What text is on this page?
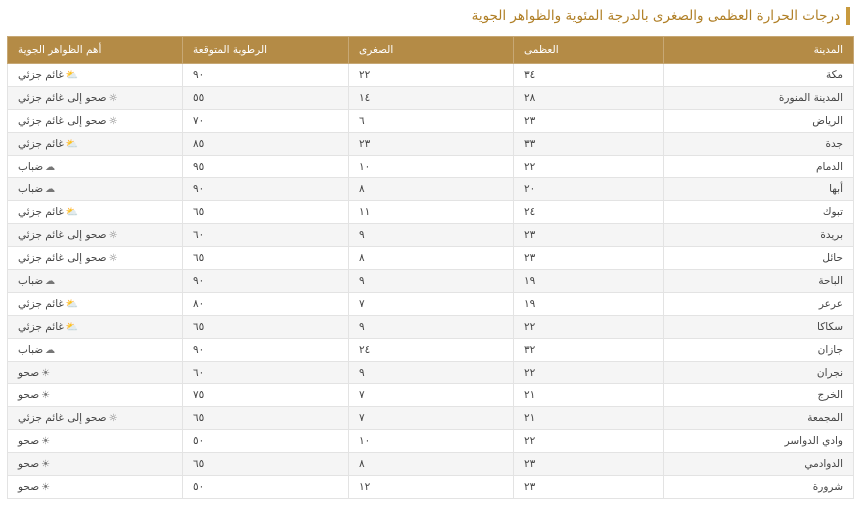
درجات الحرارة العظمى والصغرى بالدرجة المئوية والظواهر الجوية
المدينة	العظمى	الصغرى	الرطوبة المتوقعة	أهم الظواهر الجوية
مكة	٣٤	٢٢	٩٠	⛅غائم جزئي
المدينة المنورة	٢٨	١٤	٥٥	☼صحو إلى غائم جزئي
الرياض	٢٣	٦	٧٠	☼صحو إلى غائم جزئي
جدة	٣٣	٢٣	٨٥	⛅غائم جزئي
الدمام	٢٢	١٠	٩٥	☁ضباب
أبها	٢٠	٨	٩٠	☁ضباب
تبوك	٢٤	١١	٦٥	⛅غائم جزئي
بريدة	٢٣	٩	٦٠	☼صحو إلى غائم جزئي
حائل	٢٣	٨	٦٥	☼صحو إلى غائم جزئي
الباحة	١٩	٩	٩٠	☁ضباب
عرعر	١٩	٧	٨٠	⛅غائم جزئي
سكاكا	٢٢	٩	٦٥	⛅غائم جزئي
جازان	٣٢	٢٤	٩٠	☁ضباب
نجران	٢٢	٩	٦٠	☀صحو
الخرج	٢١	٧	٧٥	☀صحو
المجمعة	٢١	٧	٦٥	☼صحو إلى غائم جزئي
وادي الدواسر	٢٢	١٠	٥٠	☀صحو
الدوادمي	٢٣	٨	٦٥	☀صحو
شرورة	٢٣	١٢	٥٠	☀صحو
